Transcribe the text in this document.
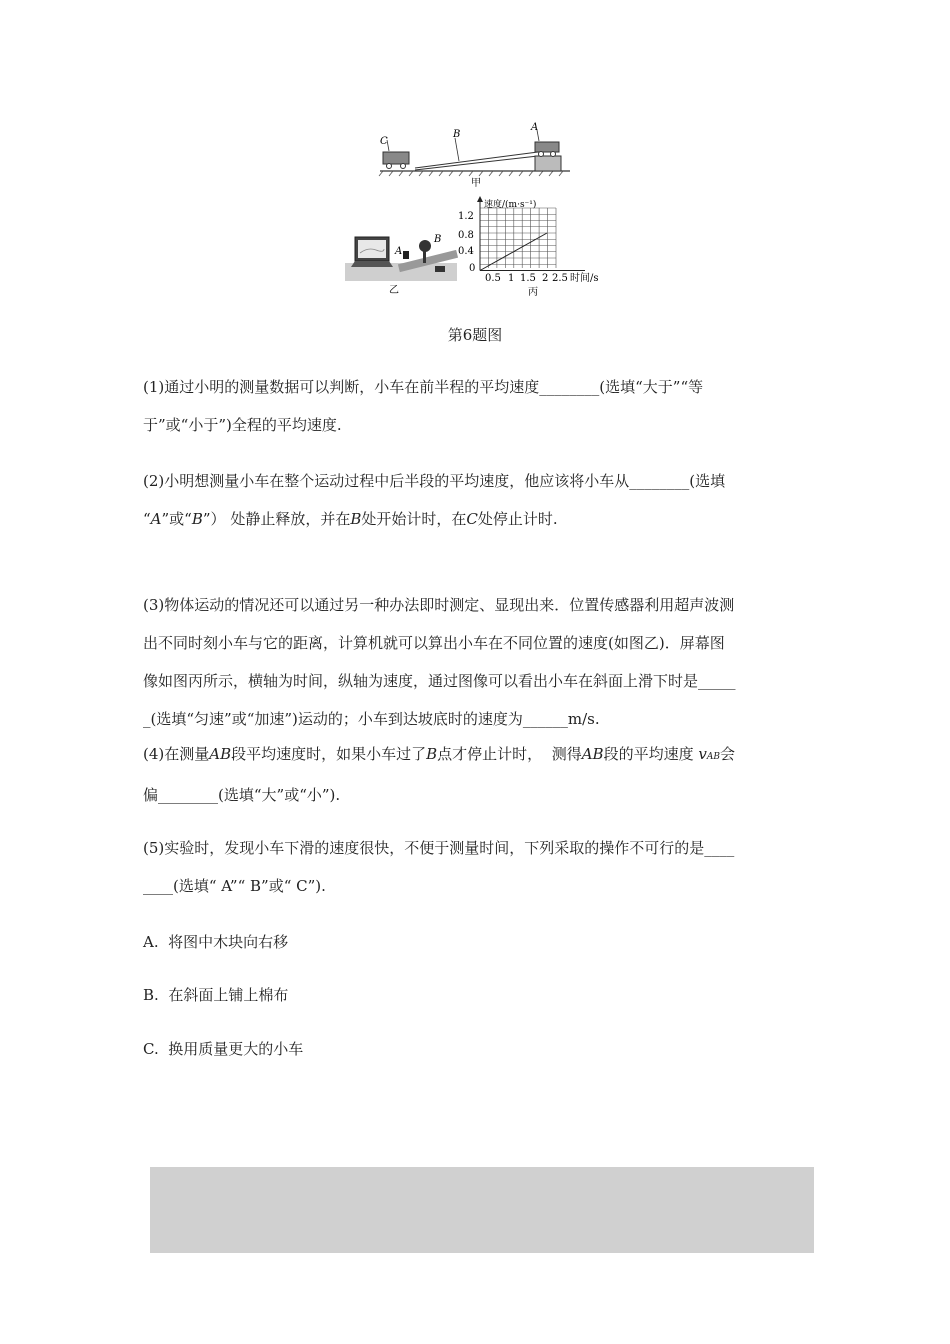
C
B
A
甲
A
B
乙
速度/(m·s⁻¹)
1.2
0.8
0.4
0
0.5 1 1.5 2 2.5 时间/s
丙
第6题图

(1)通过小明的测量数据可以判断，小车在前半程的平均速度________(选填“大于”“等
于”或“小于”)全程的平均速度.

(2)小明想测量小车在整个运动过程中后半段的平均速度，他应该将小车从________(选填
“A”或“B”） 处静止释放，并在B处开始计时，在C处停止计时.

(3)物体运动的情况还可以通过另一种办法即时测定、显现出来．位置传感器利用超声波测
出不同时刻小车与它的距离，计算机就可以算出小车在不同位置的速度(如图乙)．屏幕图
像如图丙所示，横轴为时间，纵轴为速度，通过图像可以看出小车在斜面上滑下时是_____
_(选填“匀速”或“加速”)运动的；小车到达坡底时的速度为______m/s.

(4)在测量AB段平均速度时，如果小车过了B点才停止计时，  测得AB段的平均速度 vAB会
偏________(选填“大”或“小”).

(5)实验时，发现小车下滑的速度很快，不便于测量时间，下列采取的操作不可行的是____
____(选填“ A”“ B”或“ C”).

A.  将图中木块向右移

B.  在斜面上铺上棉布

C.  换用质量更大的小车
